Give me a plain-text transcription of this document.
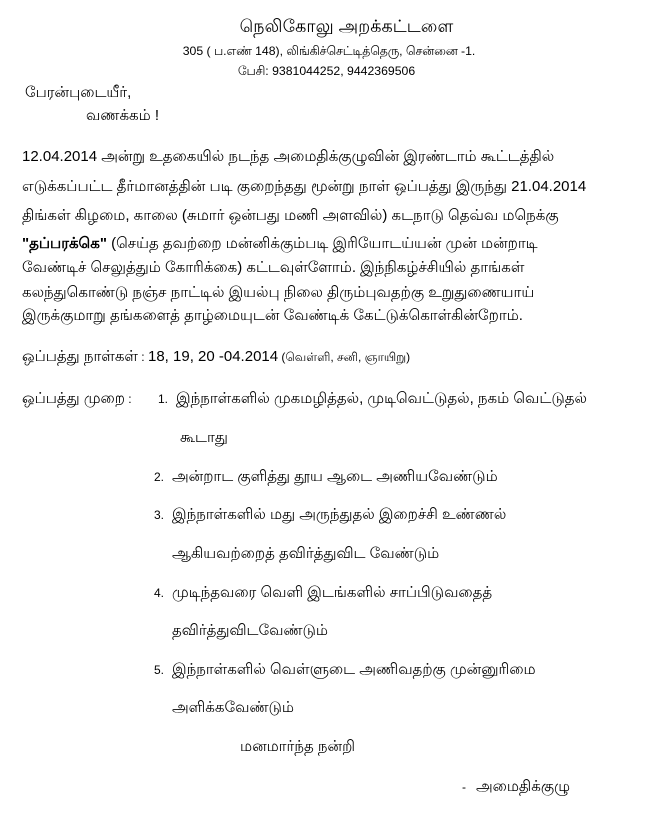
நெலிகோலு அறக்கட்டளை
305 ( ப.எண் 148), லிங்கிச்செட்டித்தெரு, சென்னை -1.
பேசி: 9381044252, 9442369506
பேரன்புடையீர்,
வணக்கம் !
12.04.2014 அன்று உதகையில் நடந்த அமைதிக்குழுவின் இரண்டாம் கூட்டத்தில்
எடுக்கப்பட்ட தீர்மானத்தின் படி குறைந்தது மூன்று நாள் ஒப்பத்து இருந்து 21.04.2014
திங்கள் கிழமை, காலை (சுமார் ஒன்பது மணி அளவில்) கடநாடு தெவ்வ மநெக்கு
"தப்பரக்கெ" (செய்த தவற்றை மன்னிக்கும்படி இரியோடய்யன் முன் மன்றாடி
வேண்டிச் செலுத்தும் கோரிக்கை) கட்டவுள்ளோம். இந்நிகழ்ச்சியில் தாங்கள்
கலந்துகொண்டு நஞ்ச நாட்டில் இயல்பு நிலை திரும்புவதற்கு உறுதுணையாய்
இருக்குமாறு தங்களைத் தாழ்மையுடன் வேண்டிக் கேட்டுக்கொள்கின்றோம்.
ஒப்பத்து நாள்கள் : 18, 19, 20 -04.2014 (வெள்ளி, சனி, ஞாயிறு)
ஒப்பத்து முறை : 1. இந்நாள்களில் முகமழித்தல், முடிவெட்டுதல், நகம் வெட்டுதல்
கூடாது
2. அன்றாட குளித்து தூய ஆடை அணியவேண்டும்
3. இந்நாள்களில் மது அருந்துதல் இறைச்சி உண்ணல்
ஆகியவற்றைத் தவிர்த்துவிட வேண்டும்
4. முடிந்தவரை வெளி இடங்களில் சாப்பிடுவதைத்
தவிர்த்துவிடவேண்டும்
5. இந்நாள்களில் வெள்ளுடை அணிவதற்கு முன்னுரிமை
அளிக்கவேண்டும்
மனமார்ந்த நன்றி
- அமைதிக்குழு
